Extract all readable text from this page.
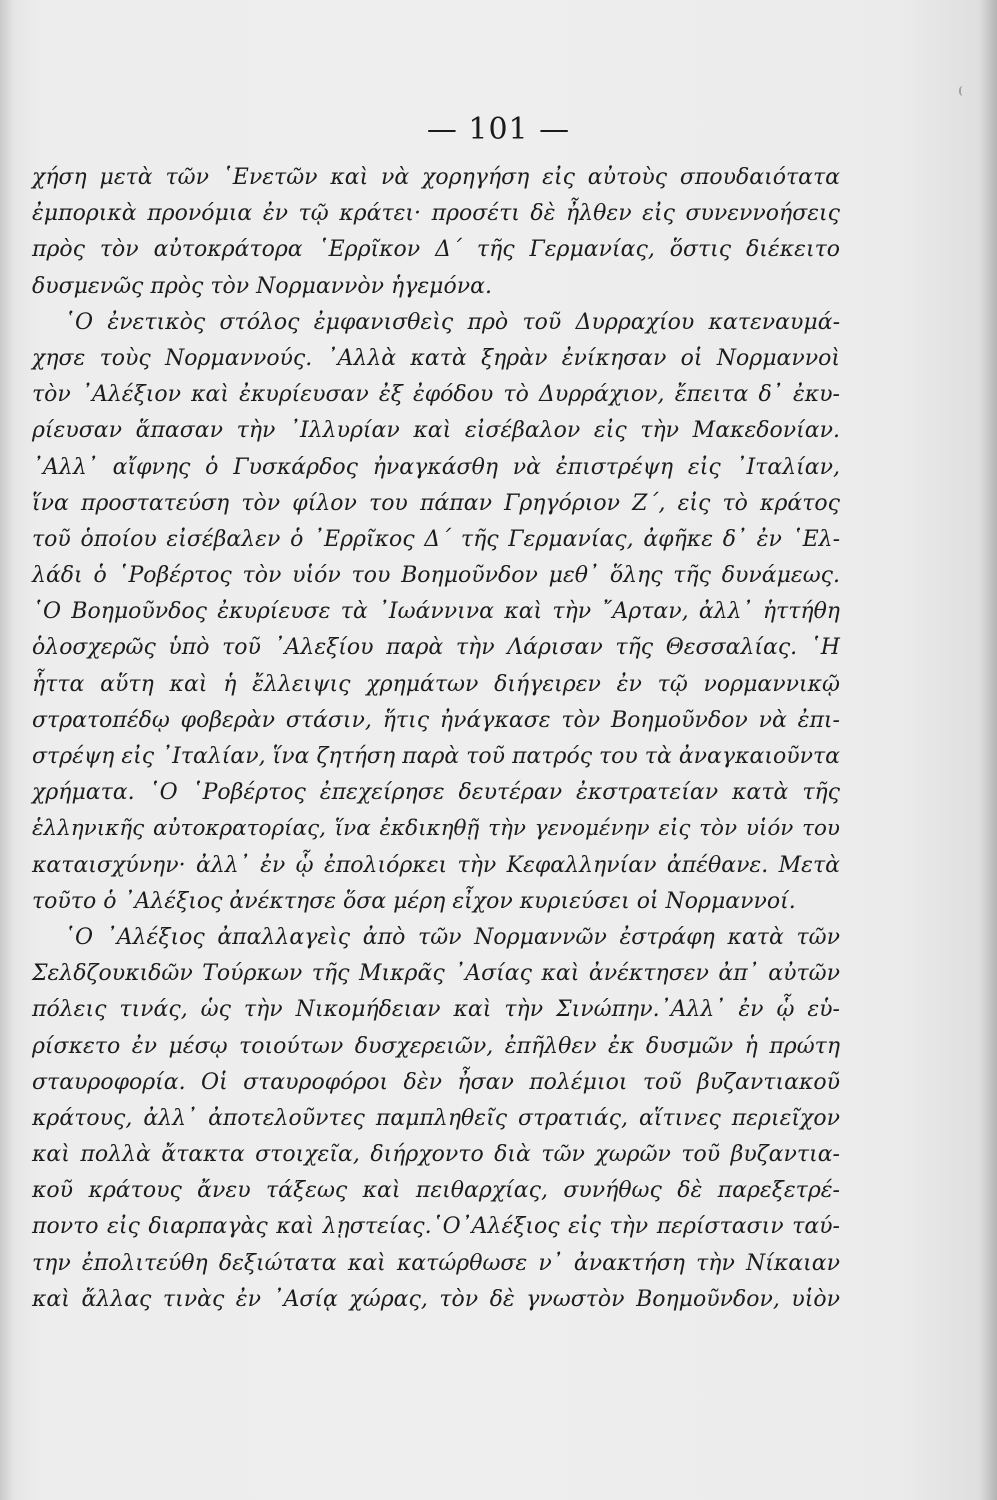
— 101 —
χήση μετὰ τῶν ῾Ενετῶν καὶ νὰ χορηγήση εἰς αὐτοὺς σπουδαιότατα
ἐμπορικὰ προνόμια ἐν τῷ κράτει· προσέτι δὲ ἦλθεν εἰς συνεννοήσεις
πρὸς τὸν αὐτοκράτορα ῾Ερρῖκον Δ΄ τῆς Γερμανίας, ὅστις διέκειτο
δυσμενῶς πρὸς τὸν Νορμαννὸν ἡγεμόνα.
῾Ο ἐνετικὸς στόλος ἐμφανισθεὶς πρὸ τοῦ Δυρραχίου κατεναυμά-
χησε τοὺς Νορμαννούς. ᾿Αλλὰ κατὰ ξηρὰν ἐνίκησαν οἱ Νορμαννοὶ
τὸν ᾿Αλέξιον καὶ ἐκυρίευσαν ἐξ ἐφόδου τὸ Δυρράχιον, ἔπειτα δ᾿ ἐκυ-
ρίευσαν ἅπασαν τὴν ᾿Ιλλυρίαν καὶ εἰσέβαλον εἰς τὴν Μακεδονίαν.
᾿Αλλ᾿ αἴφνης ὁ Γυσκάρδος ἠναγκάσθη νὰ ἐπιστρέψη εἰς ᾿Ιταλίαν,
ἵνα προστατεύση τὸν φίλον του πάπαν Γρηγόριον Ζ΄, εἰς τὸ κράτος
τοῦ ὁποίου εἰσέβαλεν ὁ ᾿Ερρῖκος Δ΄ τῆς Γερμανίας, ἀφῆκε δ᾿ ἐν ῾Ελ-
λάδι ὁ ῾Ροβέρτος τὸν υἱόν του Βοημοῦνδον μεθ᾿ ὅλης τῆς δυνάμεως.
῾Ο Βοημοῦνδος ἐκυρίευσε τὰ ᾿Ιωάννινα καὶ τὴν ῎Αρταν, ἀλλ᾿ ἡττήθη
ὁλοσχερῶς ὑπὸ τοῦ ᾿Αλεξίου παρὰ τὴν Λάρισαν τῆς Θεσσαλίας. ῾Η
ἧττα αὕτη καὶ ἡ ἔλλειψις χρημάτων διήγειρεν ἐν τῷ νορμαννικῷ
στρατοπέδῳ φοβερὰν στάσιν, ἥτις ἠνάγκασε τὸν Βοημοῦνδον νὰ ἐπι-
στρέψη εἰς ᾿Ιταλίαν, ἵνα ζητήση παρὰ τοῦ πατρός του τὰ ἀναγκαιοῦντα
χρήματα. ῾Ο ῾Ροβέρτος ἐπεχείρησε δευτέραν ἐκστρατείαν κατὰ τῆς
ἑλληνικῆς αὐτοκρατορίας, ἵνα ἐκδικηθῇ τὴν γενομένην εἰς τὸν υἱόν του
καταισχύνην· ἀλλ᾿ ἐν ᾧ ἐπολιόρκει τὴν Κεφαλληνίαν ἀπέθανε. Μετὰ
τοῦτο ὁ ᾿Αλέξιος ἀνέκτησε ὅσα μέρη εἶχον κυριεύσει οἱ Νορμαννοί.
῾Ο ᾿Αλέξιος ἀπαλλαγεὶς ἀπὸ τῶν Νορμαννῶν ἐστράφη κατὰ τῶν
Σελδζουκιδῶν Τούρκων τῆς Μικρᾶς ᾿Ασίας καὶ ἀνέκτησεν ἀπ᾿ αὐτῶν
πόλεις τινάς, ὡς τὴν Νικομήδειαν καὶ τὴν Σινώπην.᾿Αλλ᾿ ἐν ᾧ εὑ-
ρίσκετο ἐν μέσῳ τοιούτων δυσχερειῶν, ἐπῆλθεν ἐκ δυσμῶν ἡ πρώτη
σταυροφορία. Οἱ σταυροφόροι δὲν ἦσαν πολέμιοι τοῦ βυζαντιακοῦ
κράτους, ἀλλ᾿ ἀποτελοῦντες παμπληθεῖς στρατιάς, αἵτινες περιεῖχον
καὶ πολλὰ ἄτακτα στοιχεῖα, διήρχοντο διὰ τῶν χωρῶν τοῦ βυζαντια-
κοῦ κράτους ἄνευ τάξεως καὶ πειθαρχίας, συνήθως δὲ παρεξετρέ-
ποντο εἰς διαρπαγὰς καὶ λῃστείας.῾Ο᾿Αλέξιος εἰς τὴν περίστασιν ταύ-
την ἐπολιτεύθη δεξιώτατα καὶ κατώρθωσε ν᾿ ἀνακτήση τὴν Νίκαιαν
καὶ ἄλλας τινὰς ἐν ᾿Ασίᾳ χώρας, τὸν δὲ γνωστὸν Βοημοῦνδον, υἱὸν
